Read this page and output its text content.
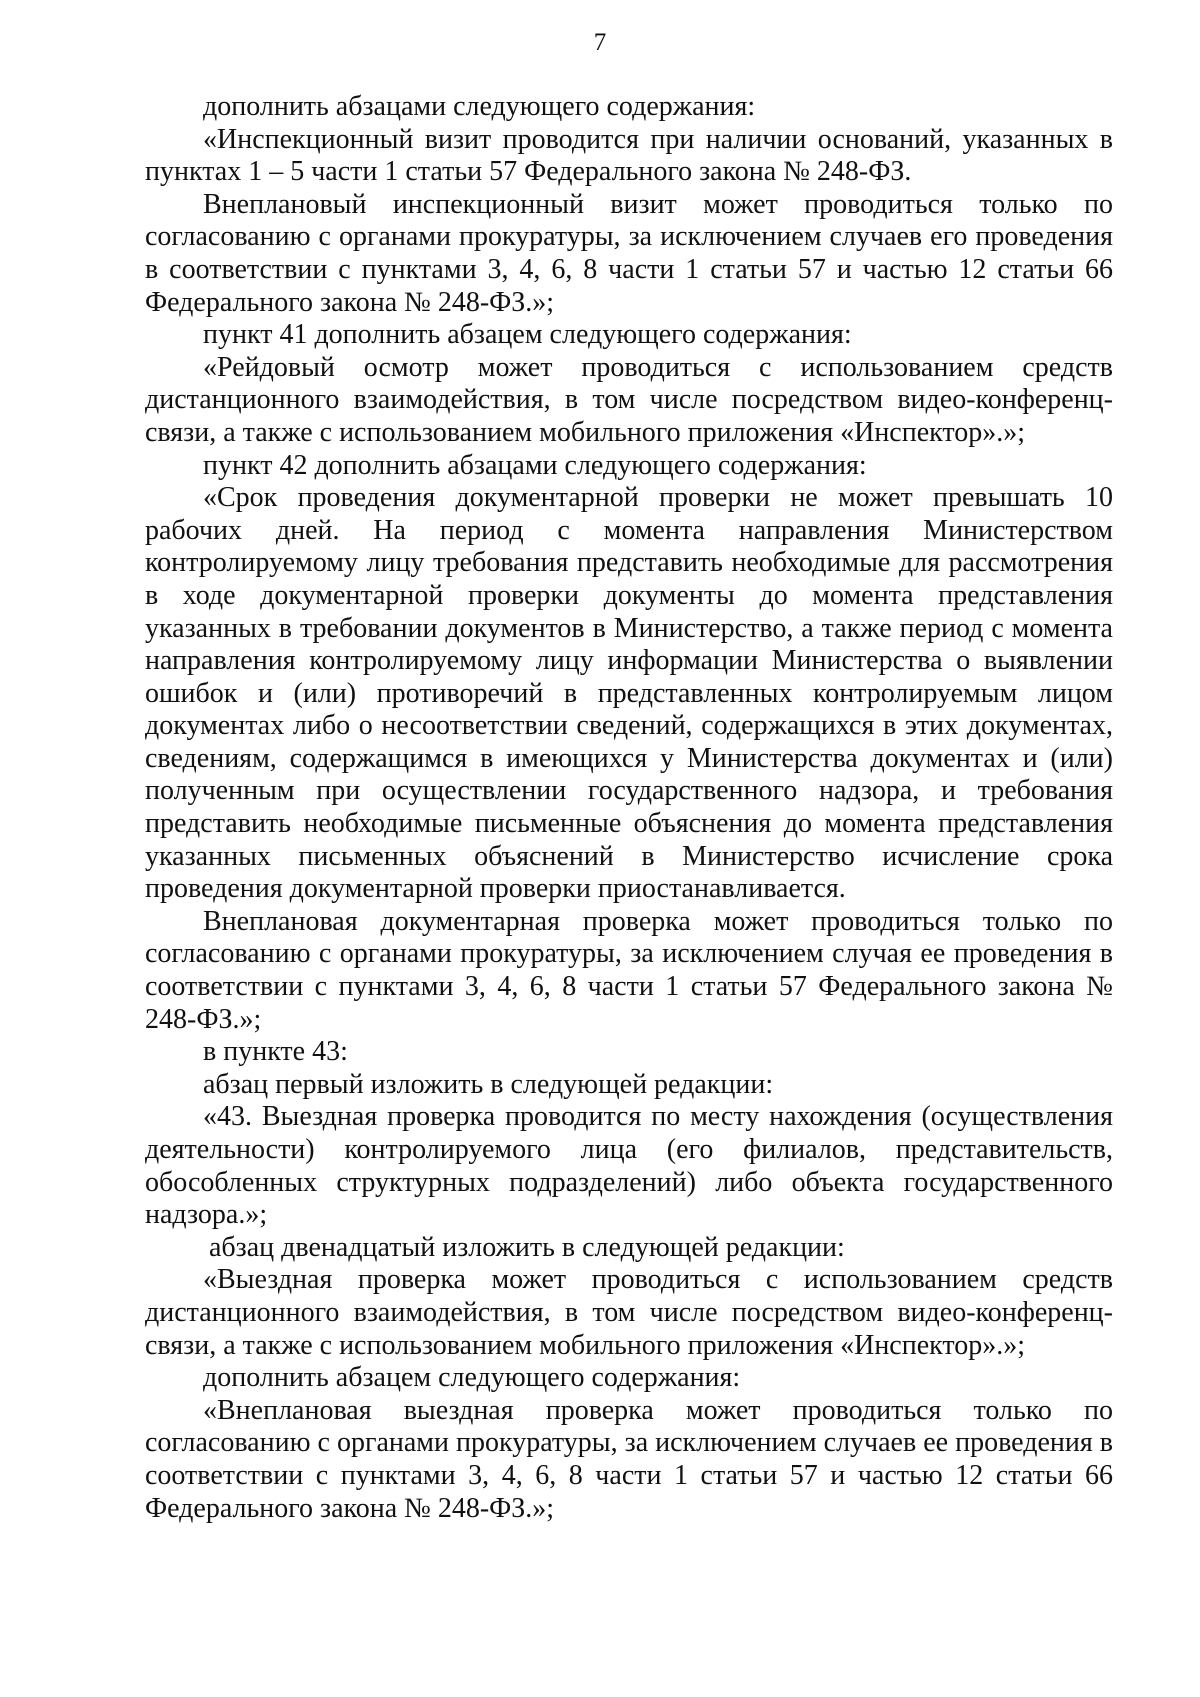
7

дополнить абзацами следующего содержания:

«Инспекционный визит проводится при наличии оснований, указанных в пунктах 1 – 5 части 1 статьи 57 Федерального закона № 248-ФЗ.

Внеплановый инспекционный визит может проводиться только по согласованию с органами прокуратуры, за исключением случаев его проведения в соответствии с пунктами 3, 4, 6, 8 части 1 статьи 57 и частью 12 статьи 66 Федерального закона № 248-ФЗ.»;

пункт 41 дополнить абзацем следующего содержания:

«Рейдовый осмотр может проводиться с использованием средств дистанционного взаимодействия, в том числе посредством видео-конференц-связи, а также с использованием мобильного приложения «Инспектор».»;

пункт 42 дополнить абзацами следующего содержания:

«Срок проведения документарной проверки не может превышать 10 рабочих дней. На период с момента направления Министерством контролируемому лицу требования представить необходимые для рассмотрения в ходе документарной проверки документы до момента представления указанных в требовании документов в Министерство, а также период с момента направления контролируемому лицу информации Министерства о выявлении ошибок и (или) противоречий в представленных контролируемым лицом документах либо о несоответствии сведений, содержащихся в этих документах, сведениям, содержащимся в имеющихся у Министерства документах и (или) полученным при осуществлении государственного надзора, и требования представить необходимые письменные объяснения до момента представления указанных письменных объяснений в Министерство исчисление срока проведения документарной проверки приостанавливается.

Внеплановая документарная проверка может проводиться только по согласованию с органами прокуратуры, за исключением случая ее проведения в соответствии с пунктами 3, 4, 6, 8 части 1 статьи 57 Федерального закона № 248-ФЗ.»;

в пункте 43:

абзац первый изложить в следующей редакции:

«43. Выездная проверка проводится по месту нахождения (осуществления деятельности) контролируемого лица (его филиалов, представительств, обособленных структурных подразделений) либо объекта государственного надзора.»;

абзац двенадцатый изложить в следующей редакции:

«Выездная проверка может проводиться с использованием средств дистанционного взаимодействия, в том числе посредством видео-конференц-связи, а также с использованием мобильного приложения «Инспектор».»;

дополнить абзацем следующего содержания:

«Внеплановая выездная проверка может проводиться только по согласованию с органами прокуратуры, за исключением случаев ее проведения в соответствии с пунктами 3, 4, 6, 8 части 1 статьи 57 и частью 12 статьи 66 Федерального закона № 248-ФЗ.»;
